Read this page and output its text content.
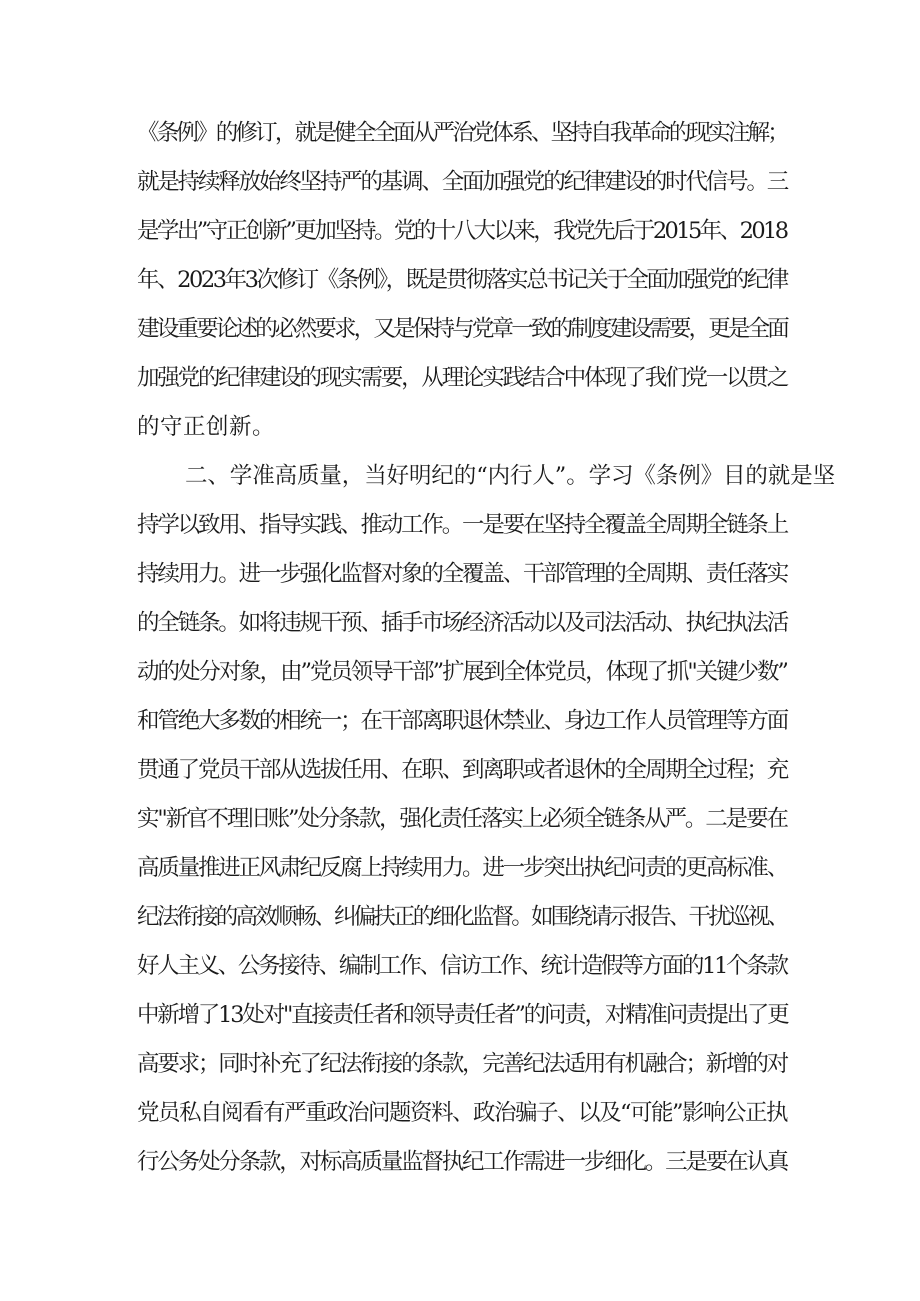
《条例》的修订，就是健全全面从严治党体系、坚持自我革命的现实注解；
就是持续释放始终坚持严的基调、全面加强党的纪律建设的时代信号。三
是学出”守正创新”更加坚持。党的十八大以来，我党先后于2015年、2018
年、2023年3次修订《条例》，既是贯彻落实总书记关于全面加强党的纪律
建设重要论述的必然要求，又是保持与党章一致的制度建设需要，更是全面
加强党的纪律建设的现实需要，从理论实践结合中体现了我们党一以贯之
的守正创新。
二、学准高质量，当好明纪的“内行人”。学习《条例》目的就是坚
持学以致用、指导实践、推动工作。一是要在坚持全覆盖全周期全链条上
持续用力。进一步强化监督对象的全覆盖、干部管理的全周期、责任落实
的全链条。如将违规干预、插手市场经济活动以及司法活动、执纪执法活
动的处分对象，由”党员领导干部”扩展到全体党员，体现了抓"关键少数”
和管绝大多数的相统一；在干部离职退休禁业、身边工作人员管理等方面
贯通了党员干部从选拔任用、在职、到离职或者退休的全周期全过程；充
实"新官不理旧账”处分条款，强化责任落实上必须全链条从严。二是要在
高质量推进正风肃纪反腐上持续用力。进一步突出执纪问责的更高标准、
纪法衔接的高效顺畅、纠偏扶正的细化监督。如围绕请示报告、干扰巡视、
好人主义、公务接待、编制工作、信访工作、统计造假等方面的11个条款
中新增了13处对"直接责任者和领导责任者”的问责，对精准问责提出了更
高要求；同时补充了纪法衔接的条款，完善纪法适用有机融合；新增的对
党员私自阅看有严重政治问题资料、政治骗子、以及“可能”影响公正执
行公务处分条款，对标高质量监督执纪工作需进一步细化。三是要在认真
